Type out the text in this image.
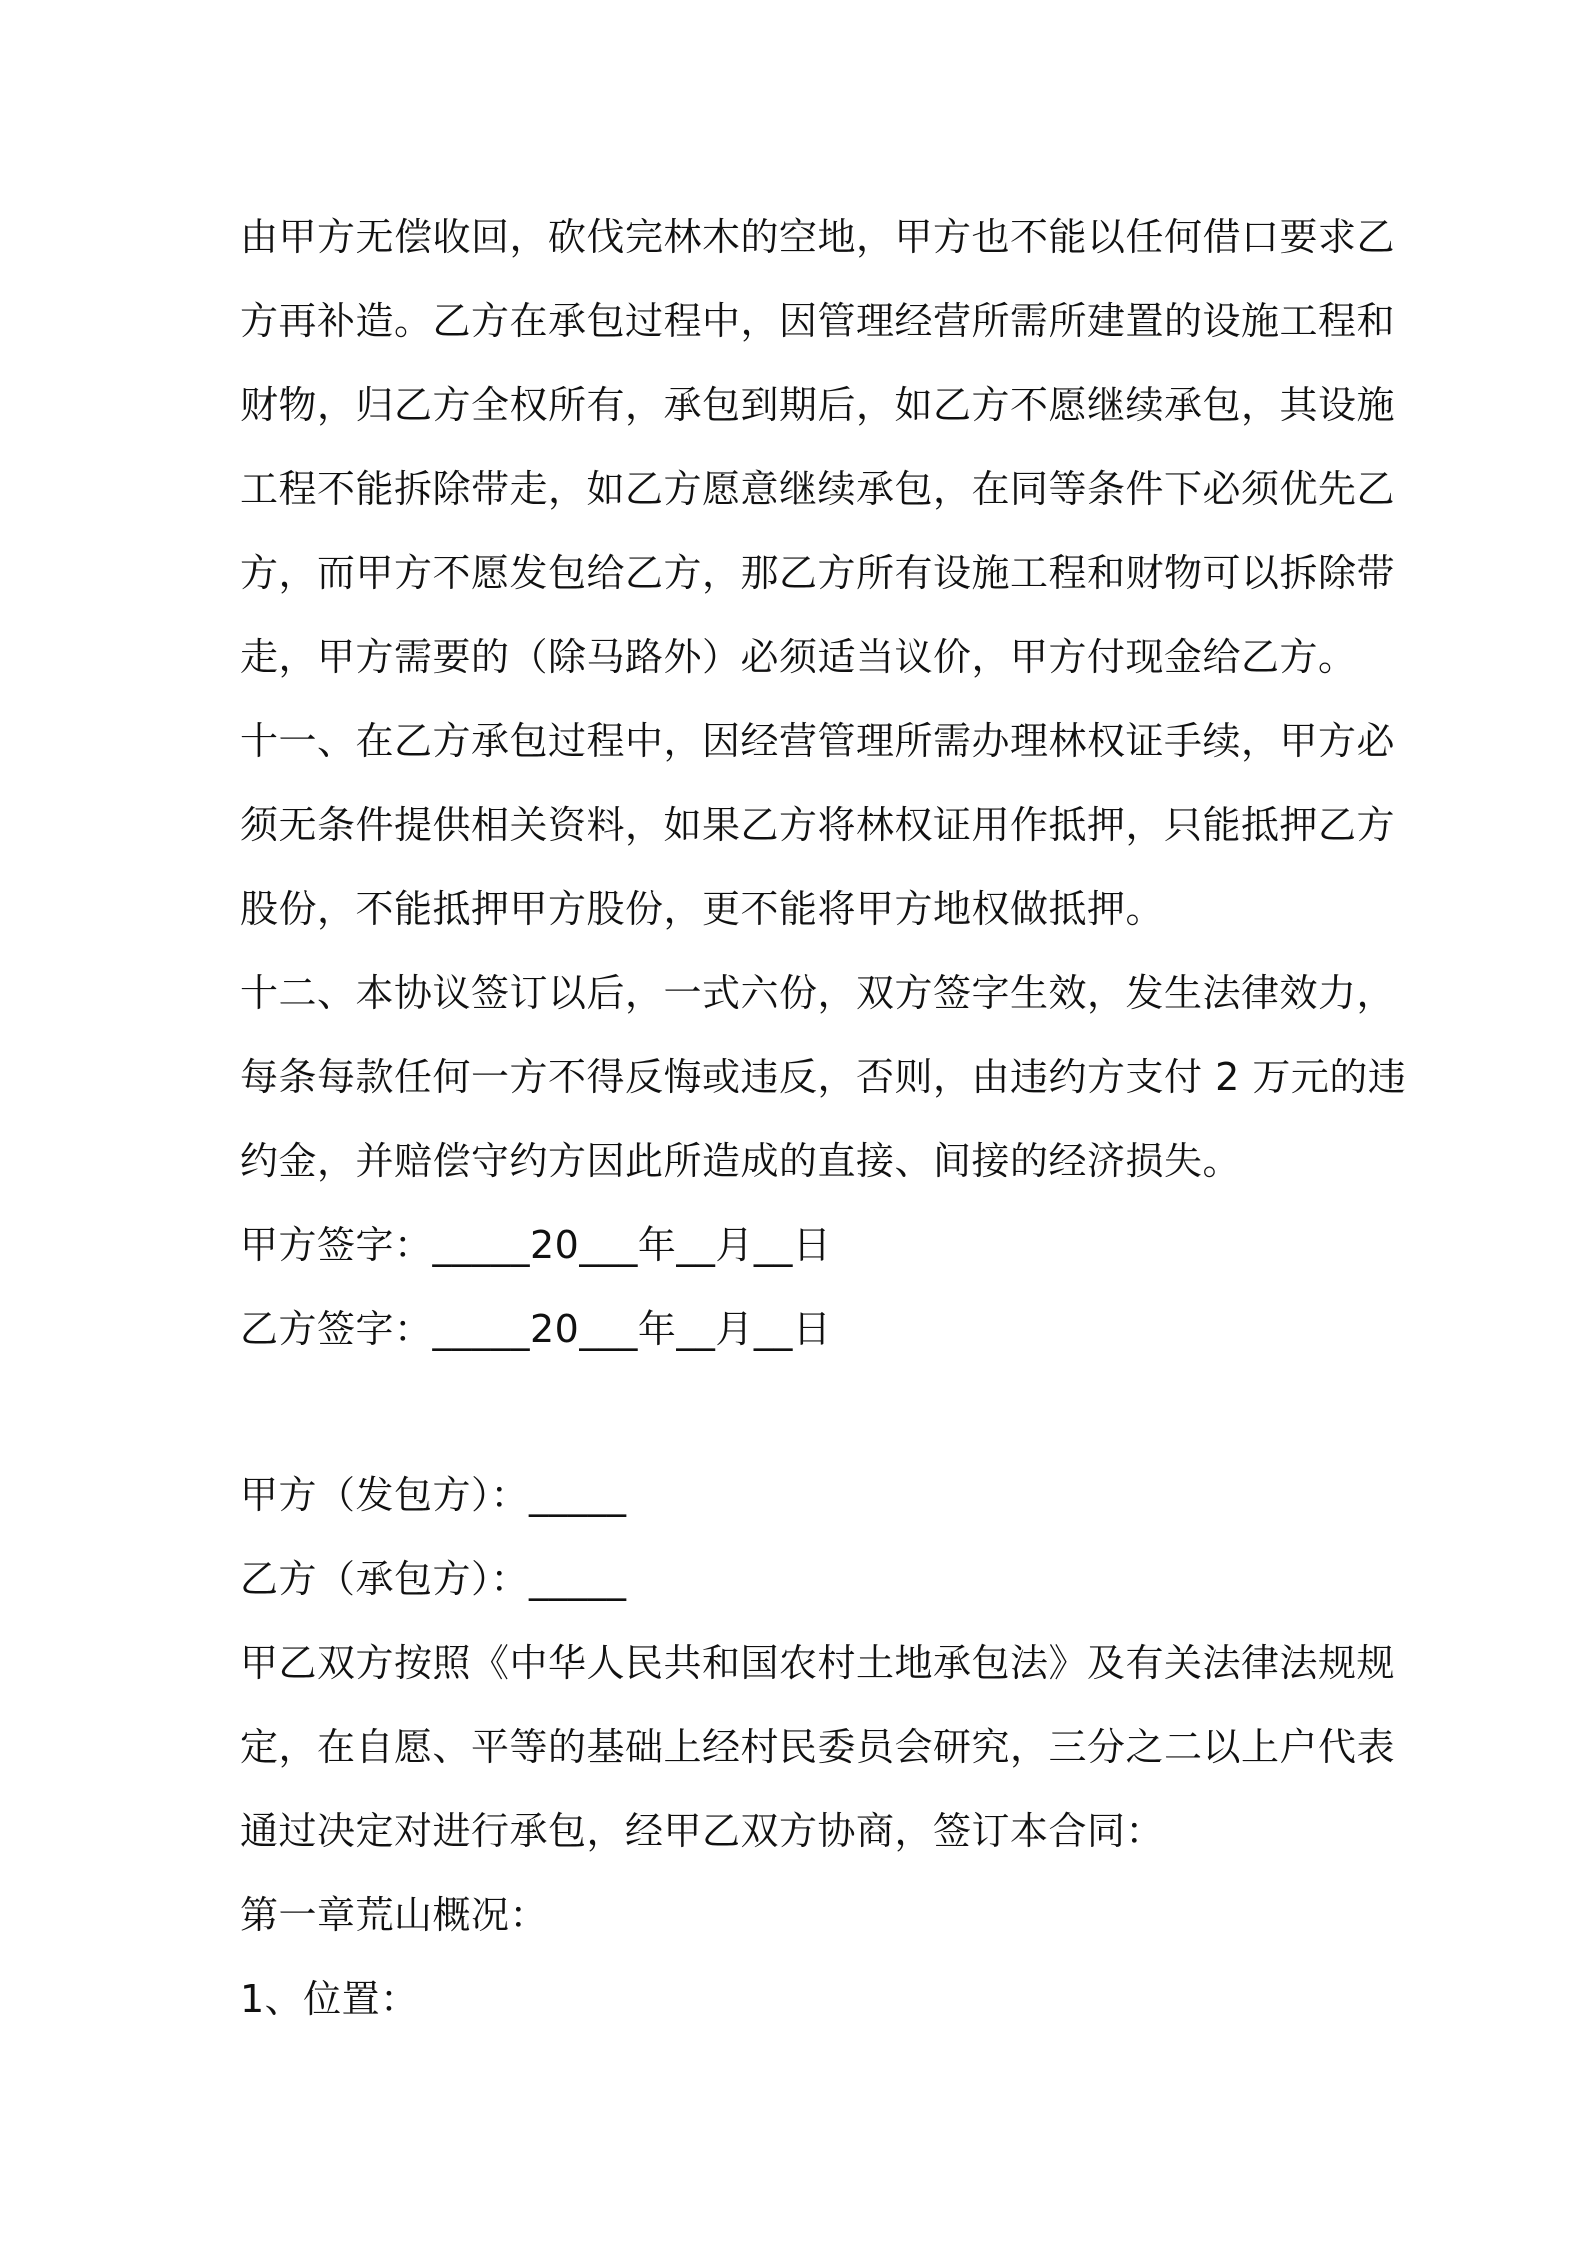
由甲方无偿收回，砍伐完林木的空地，甲方也不能以任何借口要求乙
方再补造。乙方在承包过程中，因管理经营所需所建置的设施工程和
财物，归乙方全权所有，承包到期后，如乙方不愿继续承包，其设施
工程不能拆除带走，如乙方愿意继续承包，在同等条件下必须优先乙
方，而甲方不愿发包给乙方，那乙方所有设施工程和财物可以拆除带
走，甲方需要的（除马路外）必须适当议价，甲方付现金给乙方。
十一、在乙方承包过程中，因经营管理所需办理林权证手续，甲方必
须无条件提供相关资料，如果乙方将林权证用作抵押，只能抵押乙方
股份，不能抵押甲方股份，更不能将甲方地权做抵押。
十二、本协议签订以后，一式六份，双方签字生效，发生法律效力，
每条每款任何一方不得反悔或违反，否则，由违约方支付 2 万元的违
约金，并赔偿守约方因此所造成的直接、间接的经济损失。
甲方签字：_____20___年__月__日
乙方签字：_____20___年__月__日
甲方（发包方）：_____
乙方（承包方）：_____
甲乙双方按照《中华人民共和国农村土地承包法》及有关法律法规规
定，在自愿、平等的基础上经村民委员会研究，三分之二以上户代表
通过决定对进行承包，经甲乙双方协商，签订本合同：
第一章荒山概况：
1、位置：
